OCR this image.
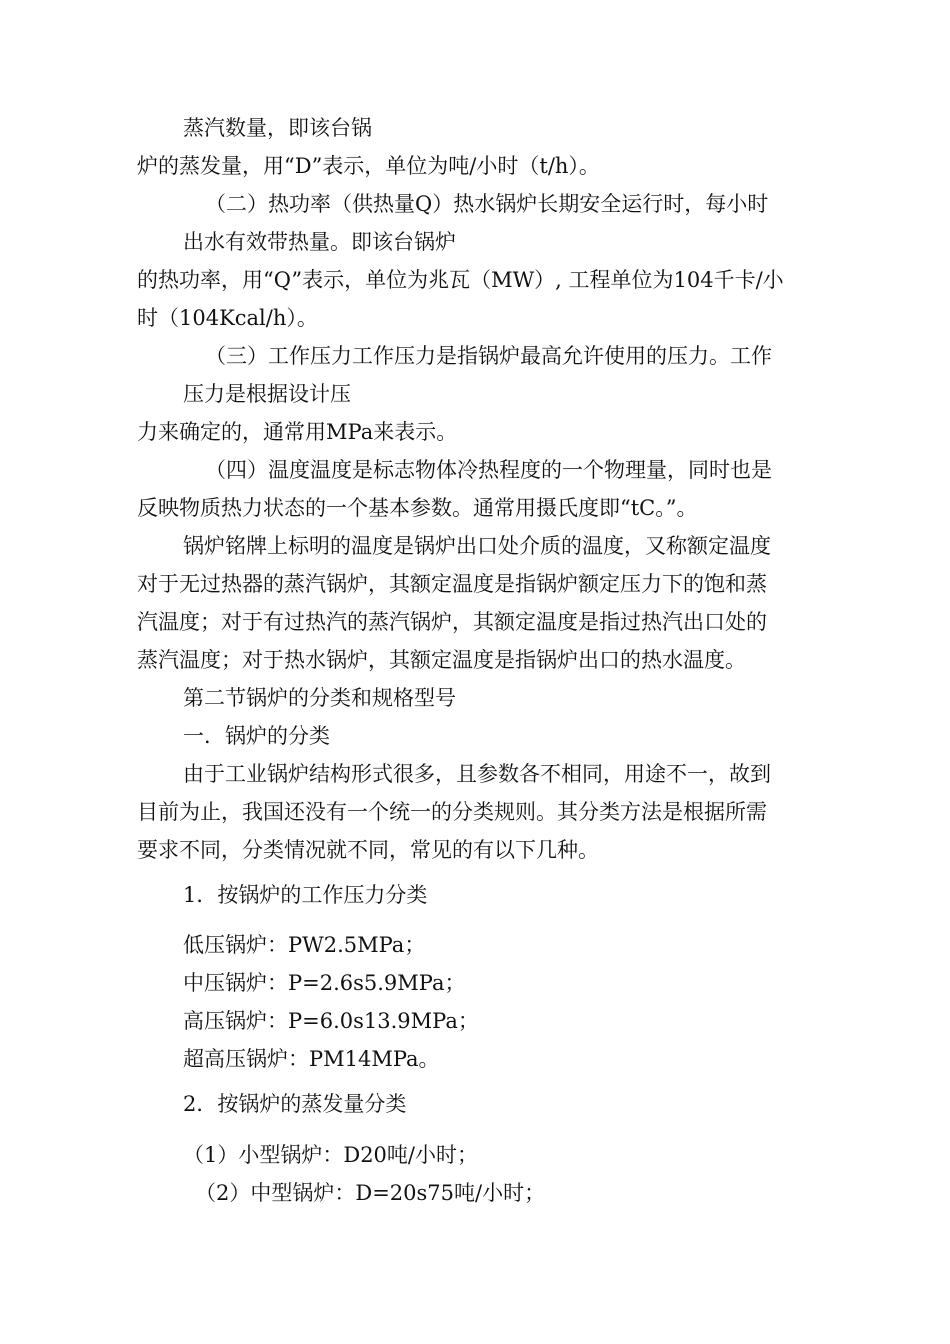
蒸汽数量，即该台锅
炉的蒸发量，用“D”表示，单位为吨/小时（t/h）。
（二）热功率（供热量Q）热水锅炉长期安全运行时，每小时
出水有效带热量。即该台锅炉
的热功率，用“Q”表示，单位为兆瓦（MW）, 工程单位为104千卡/小
时（104Kcal/h）。
（三）工作压力工作压力是指锅炉最高允许使用的压力。工作
压力是根据设计压
力来确定的，通常用MPa来表示。
（四）温度温度是标志物体冷热程度的一个物理量，同时也是
反映物质热力状态的一个基本参数。通常用摄氏度即“tC。”。
锅炉铭牌上标明的温度是锅炉出口处介质的温度，又称额定温度
对于无过热器的蒸汽锅炉，其额定温度是指锅炉额定压力下的饱和蒸
汽温度；对于有过热汽的蒸汽锅炉，其额定温度是指过热汽出口处的
蒸汽温度；对于热水锅炉，其额定温度是指锅炉出口的热水温度。
第二节锅炉的分类和规格型号
一．锅炉的分类
由于工业锅炉结构形式很多，且参数各不相同，用途不一，故到
目前为止，我国还没有一个统一的分类规则。其分类方法是根据所需
要求不同，分类情况就不同，常见的有以下几种。
1．按锅炉的工作压力分类
低压锅炉：PW2.5MPa；
中压锅炉：P=2.6s5.9MPa；
高压锅炉：P=6.0s13.9MPa；
超高压锅炉：PM14MPa。
2．按锅炉的蒸发量分类
（1）小型锅炉：D20吨/小时；
（2）中型锅炉：D=20s75吨/小时；
